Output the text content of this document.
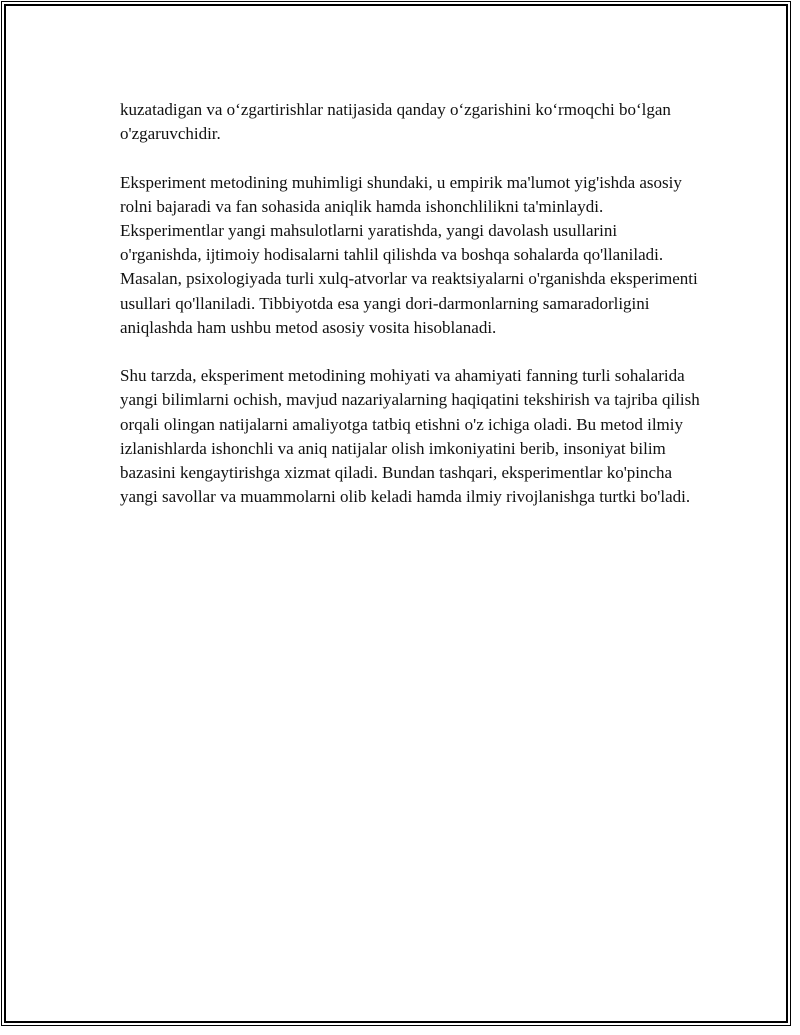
kuzatadigan va o‘zgartirishlar natijasida qanday o‘zgarishini ko‘rmoqchi bo‘lgan o'zgaruvchidir.

Eksperiment metodining muhimligi shundaki, u empirik ma'lumot yig'ishda asosiy rolni bajaradi va fan sohasida aniqlik hamda ishonchlilikni ta'minlaydi. Eksperimentlar yangi mahsulotlarni yaratishda, yangi davolash usullarini o'rganishda, ijtimoiy hodisalarni tahlil qilishda va boshqa sohalarda qo'llaniladi. Masalan, psixologiyada turli xulq-atvorlar va reaktsiyalarni o'rganishda eksperimenti usullari qo'llaniladi. Tibbiyotda esa yangi dori-darmonlarning samaradorligini aniqlashda ham ushbu metod asosiy vosita hisoblanadi.

Shu tarzda, eksperiment metodining mohiyati va ahamiyati fanning turli sohalarida yangi bilimlarni ochish, mavjud nazariyalarning haqiqatini tekshirish va tajriba qilish orqali olingan natijalarni amaliyotga tatbiq etishni o'z ichiga oladi. Bu metod ilmiy izlanishlarda ishonchli va aniq natijalar olish imkoniyatini berib, insoniyat bilim bazasini kengaytirishga xizmat qiladi. Bundan tashqari, eksperimentlar ko'pincha yangi savollar va muammolarni olib keladi hamda ilmiy rivojlanishga turtki bo'ladi.
